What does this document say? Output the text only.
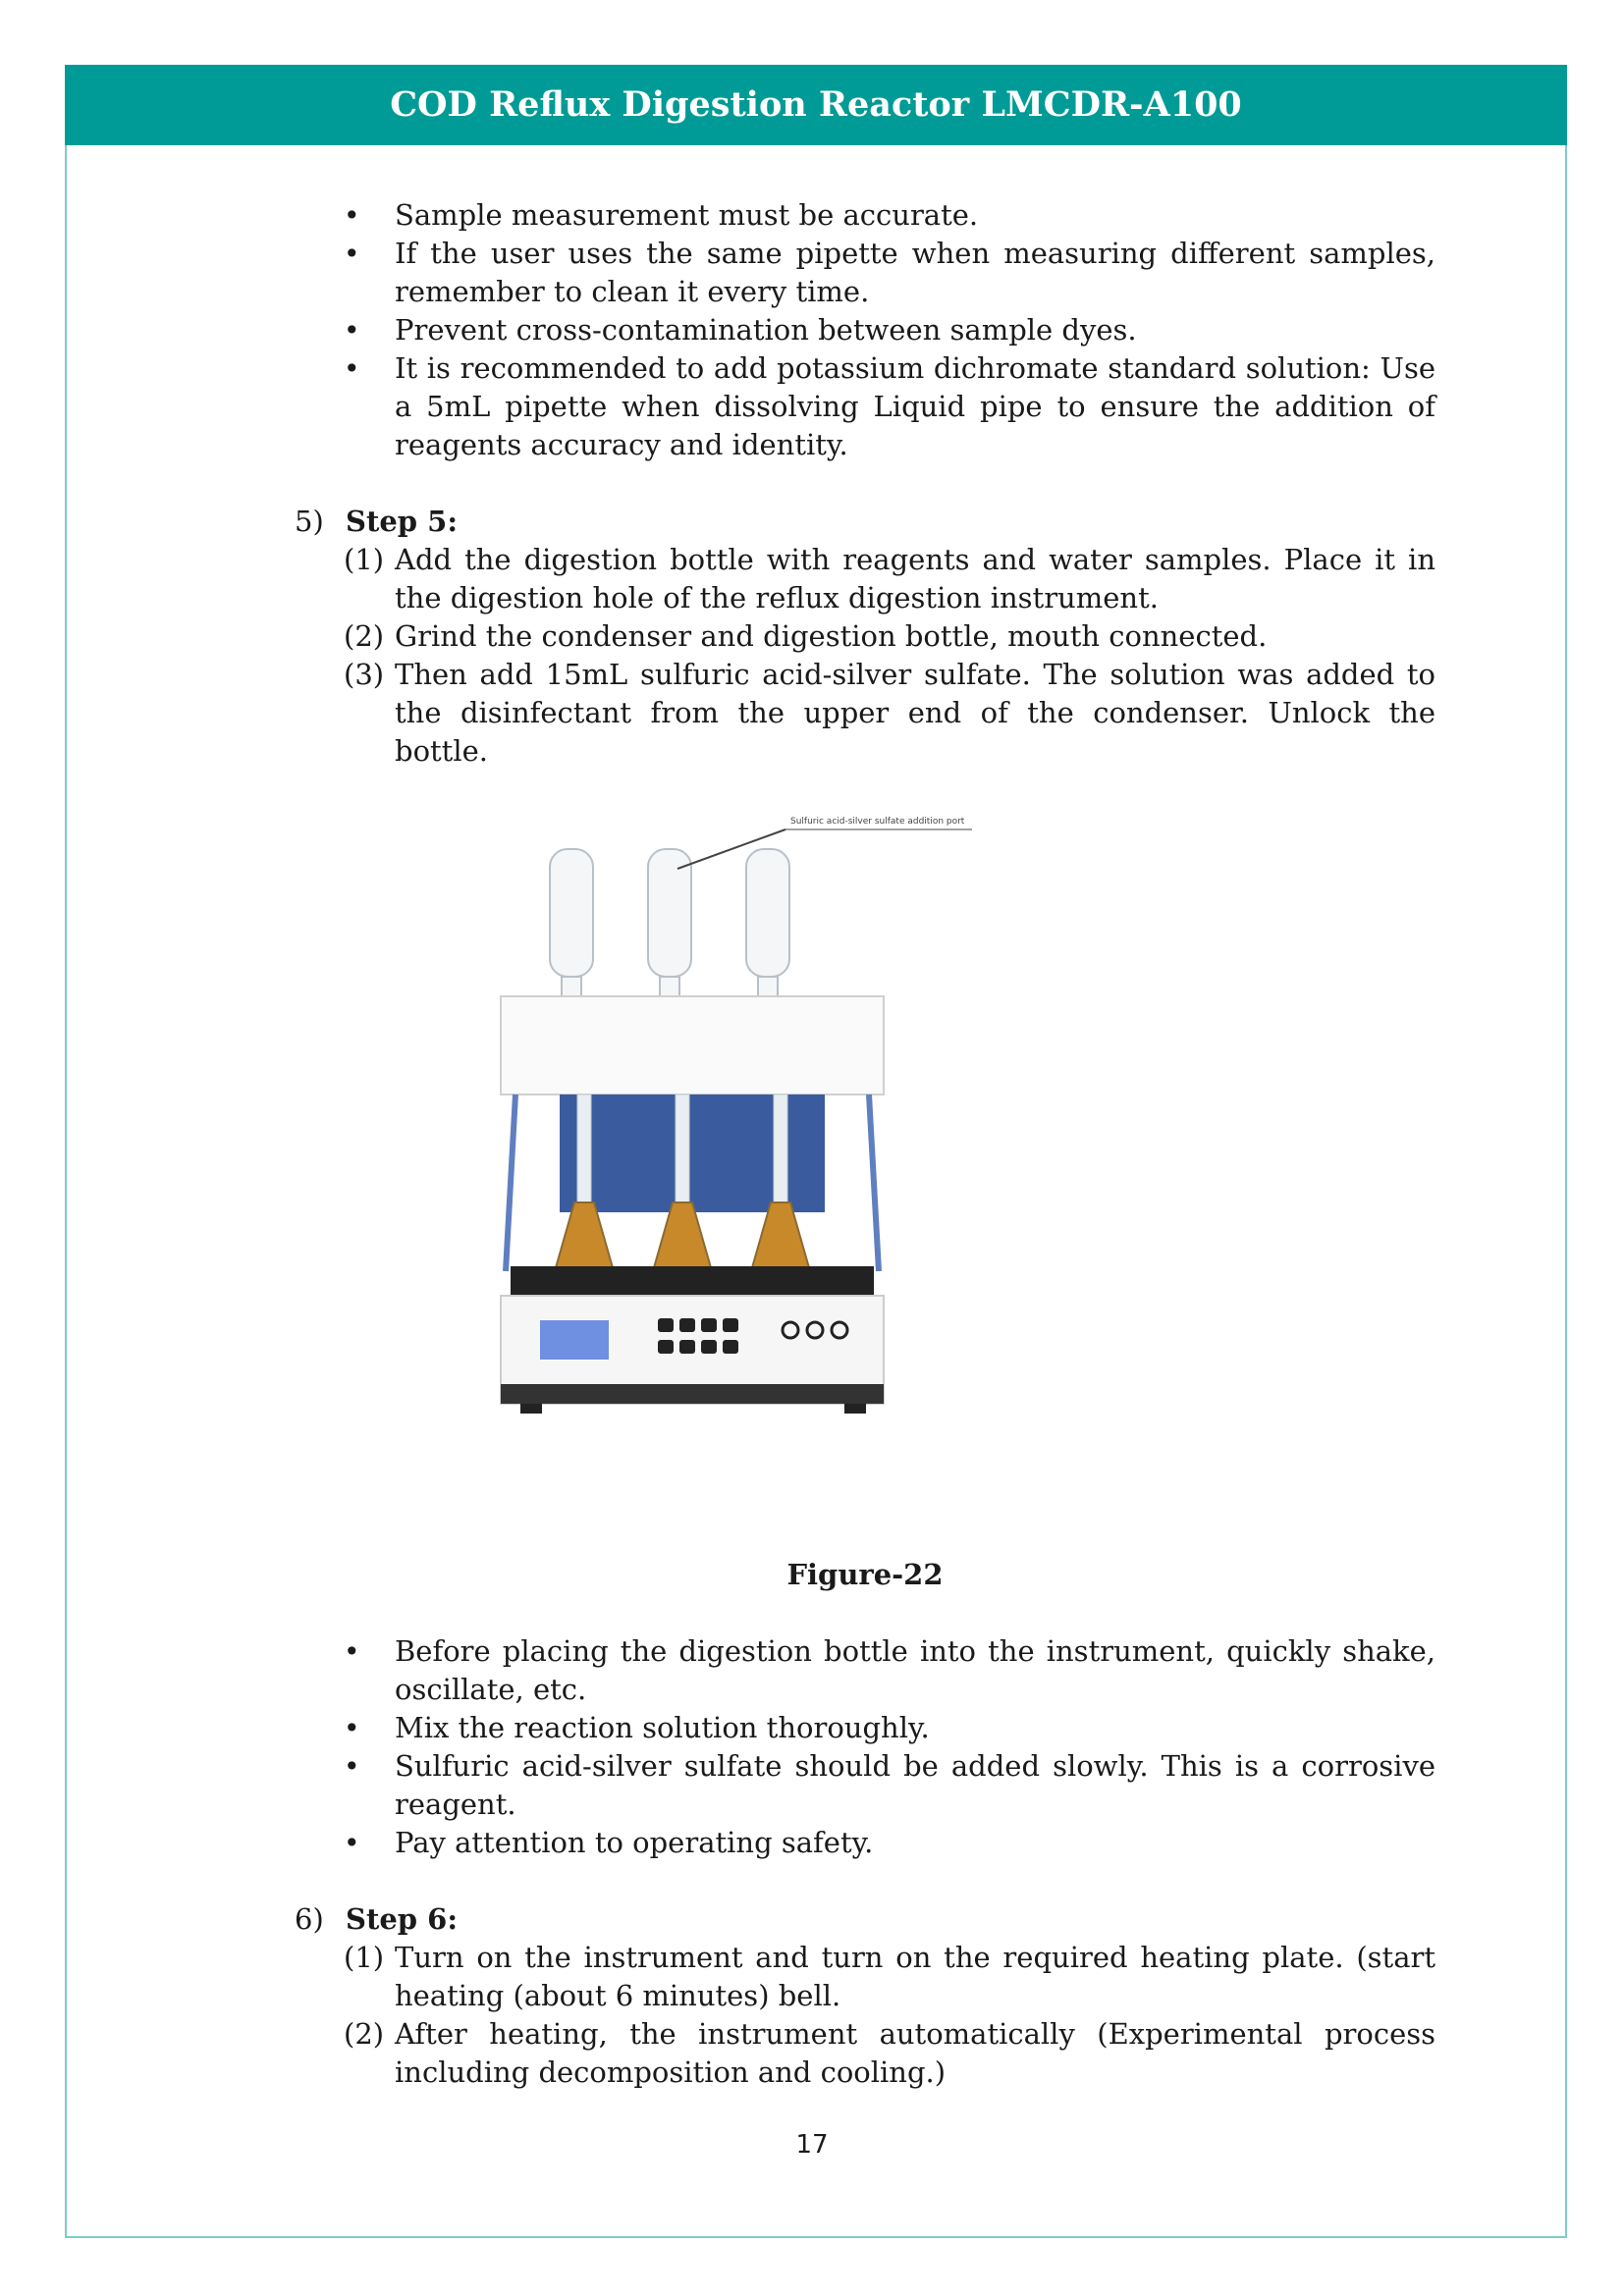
COD Reflux Digestion Reactor LMCDR-A100
• Sample measurement must be accurate.
• If the user uses the same pipette when measuring different samples, remember to clean it every time.
• Prevent cross-contamination between sample dyes.
• It is recommended to add potassium dichromate standard solution: Use a 5mL pipette when dissolving Liquid pipe to ensure the addition of reagents accuracy and identity.
5) Step 5:
(1) Add the digestion bottle with reagents and water samples. Place it in the digestion hole of the reflux digestion instrument.
(2) Grind the condenser and digestion bottle, mouth connected.
(3) Then add 15mL sulfuric acid-silver sulfate. The solution was added to the disinfectant from the upper end of the condenser. Unlock the bottle.
Sulfuric acid-silver sulfate addition port
Figure-22
• Before placing the digestion bottle into the instrument, quickly shake, oscillate, etc.
• Mix the reaction solution thoroughly.
• Sulfuric acid-silver sulfate should be added slowly. This is a corrosive reagent.
• Pay attention to operating safety.
6) Step 6:
(1) Turn on the instrument and turn on the required heating plate. (start heating (about 6 minutes) bell.
(2) After heating, the instrument automatically (Experimental process including decomposition and cooling.)
17
